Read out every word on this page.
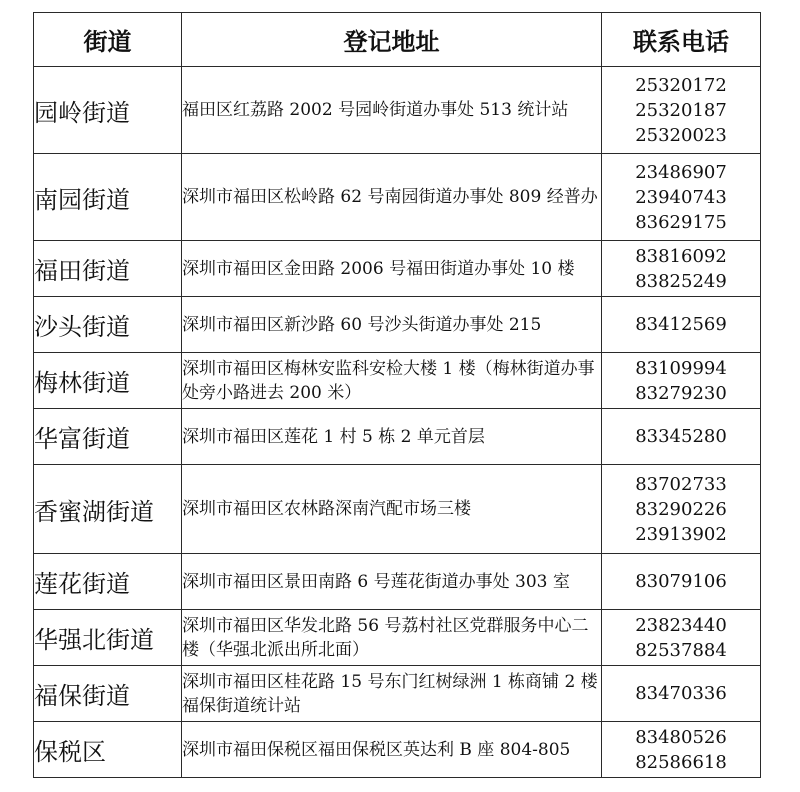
街道	登记地址	联系电话
园岭街道	福田区红荔路 2002 号园岭街道办事处 513 统计站	25320172
25320187
25320023

南园街道	深圳市福田区松岭路 62 号南园街道办事处 809 经普办	23486907
23940743
83629175

福田街道	深圳市福田区金田路 2006 号福田街道办事处 10 楼	83816092
83825249

沙头街道	深圳市福田区新沙路 60 号沙头街道办事处 215	83412569

梅林街道	深圳市福田区梅林安监科安检大楼 1 楼（梅林街道办事处旁小路进去 200 米）	83109994
83279230

华富街道	深圳市福田区莲花 1 村 5 栋 2 单元首层	83345280

香蜜湖街道	深圳市福田区农林路深南汽配市场三楼	83702733
83290226
23913902

莲花街道	深圳市福田区景田南路 6 号莲花街道办事处 303 室	83079106

华强北街道	深圳市福田区华发北路 56 号荔村社区党群服务中心二楼（华强北派出所北面）	23823440
82537884

福保街道	深圳市福田区桂花路 15 号东门红树绿洲 1 栋商铺 2 楼福保街道统计站	83470336

保税区	深圳市福田保税区福田保税区英达利 B 座 804-805	83480526
82586618
